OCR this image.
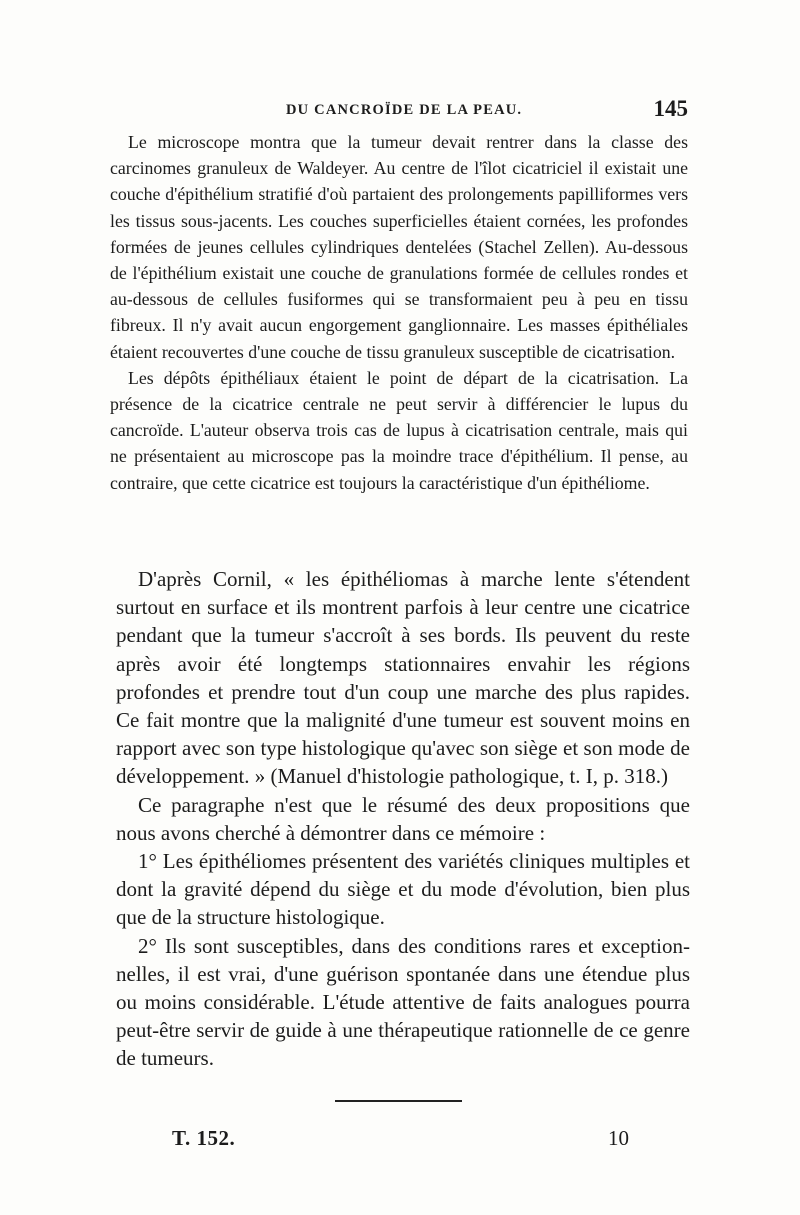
DU CANCROÏDE DE LA PEAU.	145

Le microscope montra que la tumeur devait rentrer dans la classe des carcinomes granuleux de Waldeyer. Au centre de l'îlot cicatriciel il existait une couche d'épithélium stratifié d'où partaient des prolongements papilliformes vers les tissus sous-jacents. Les couches superficielles étaient cornées, les profondes formées de jeunes cellules cylindriques dentelées (Stachel Zellen). Au-dessous de l'épithélium existait une couche de granulations formée de cellules rondes et au-dessous de cellules fusiformes qui se transformaient peu à peu en tissu fibreux. Il n'y avait aucun engorgement ganglionnaire. Les masses épithéliales étaient recouvertes d'une couche de tissu granuleux susceptible de cicatrisation.

Les dépôts épithéliaux étaient le point de départ de la cicatrisation. La présence de la cicatrice centrale ne peut servir à différencier le lupus du cancroïde. L'auteur observa trois cas de lupus à cicatrisation centrale, mais qui ne présentaient au microscope pas la moindre trace d'épithélium. Il pense, au contraire, que cette cicatrice est toujours la caractéristique d'un épithéliome.

D'après Cornil, « les épithéliomas à marche lente s'étendent surtout en surface et ils montrent parfois à leur centre une cicatrice pendant que la tumeur s'accroît à ses bords. Ils peuvent du reste après avoir été longtemps stationnaires envahir les régions profondes et prendre tout d'un coup une marche des plus rapides. Ce fait montre que la malignité d'une tumeur est souvent moins en rapport avec son type histologique qu'avec son siège et son mode de développement. » (Manuel d'histologie pathologique, t. I, p. 318.)

Ce paragraphe n'est que le résumé des deux propositions que nous avons cherché à démontrer dans ce mémoire :

1° Les épithéliomes présentent des variétés cliniques multiples et dont la gravité dépend du siège et du mode d'évolution, bien plus que de la structure histologique.

2° Ils sont susceptibles, dans des conditions rares et exceptionnelles, il est vrai, d'une guérison spontanée dans une étendue plus ou moins considérable. L'étude attentive de faits analogues pourra peut-être servir de guide à une thérapeutique rationnelle de ce genre de tumeurs.

T. 152.	10
